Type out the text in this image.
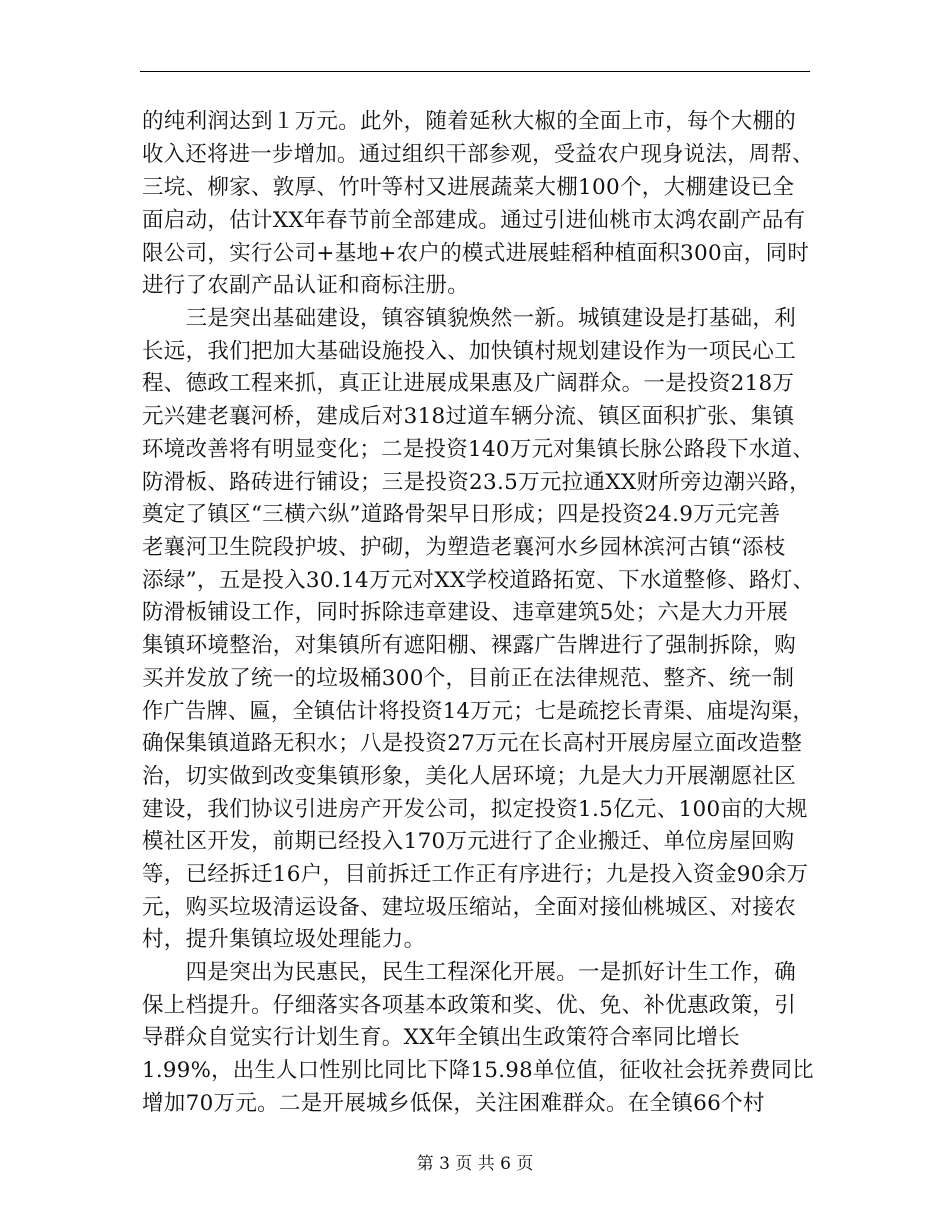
的纯利润达到１万元。此外，随着延秋大椒的全面上市，每个大棚的
收入还将进一步增加。通过组织干部参观，受益农户现身说法，周帮、
三垸、柳家、敦厚、竹叶等村又进展蔬菜大棚100个，大棚建设已全
面启动，估计XX年春节前全部建成。通过引进仙桃市太鸿农副产品有
限公司，实行公司+基地+农户的模式进展蛙稻种植面积300亩，同时
进行了农副产品认证和商标注册。
　　三是突出基础建设，镇容镇貌焕然一新。城镇建设是打基础，利
长远，我们把加大基础设施投入、加快镇村规划建设作为一项民心工
程、德政工程来抓，真正让进展成果惠及广阔群众。一是投资218万
元兴建老襄河桥，建成后对318过道车辆分流、镇区面积扩张、集镇
环境改善将有明显变化；二是投资140万元对集镇长脉公路段下水道、
防滑板、路砖进行铺设；三是投资23.5万元拉通XX财所旁边潮兴路，
奠定了镇区“三横六纵”道路骨架早日形成；四是投资24.9万元完善
老襄河卫生院段护坡、护砌，为塑造老襄河水乡园林滨河古镇“添枝
添绿”，五是投入30.14万元对XX学校道路拓宽、下水道整修、路灯、
防滑板铺设工作，同时拆除违章建设、违章建筑5处；六是大力开展
集镇环境整治，对集镇所有遮阳棚、裸露广告牌进行了强制拆除，购
买并发放了统一的垃圾桶300个，目前正在法律规范、整齐、统一制
作广告牌、匾，全镇估计将投资14万元；七是疏挖长青渠、庙堤沟渠，
确保集镇道路无积水；八是投资27万元在长高村开展房屋立面改造整
治，切实做到改变集镇形象，美化人居环境；九是大力开展潮愿社区
建设，我们协议引进房产开发公司，拟定投资1.5亿元、100亩的大规
模社区开发，前期已经投入170万元进行了企业搬迁、单位房屋回购
等，已经拆迁16户，目前拆迁工作正有序进行；九是投入资金90余万
元，购买垃圾清运设备、建垃圾压缩站，全面对接仙桃城区、对接农
村，提升集镇垃圾处理能力。
　　四是突出为民惠民，民生工程深化开展。一是抓好计生工作，确
保上档提升。仔细落实各项基本政策和奖、优、免、补优惠政策，引
导群众自觉实行计划生育。XX年全镇出生政策符合率同比增长
1.99%，出生人口性别比同比下降15.98单位值，征收社会抚养费同比
增加70万元。二是开展城乡低保，关注困难群众。在全镇66个村
第 3 页 共 6 页
